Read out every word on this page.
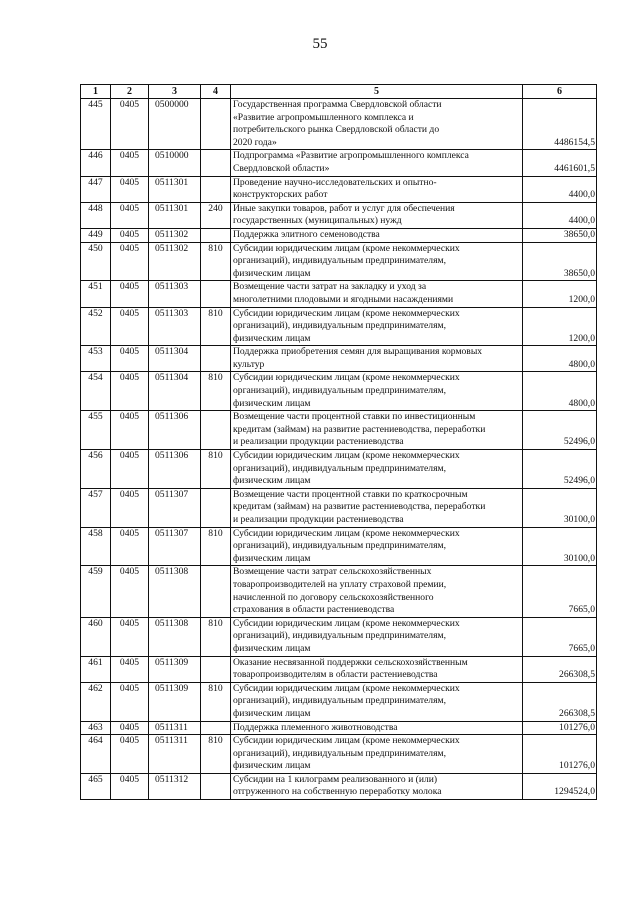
55
1	2	3	4	5	6
445	0405	0500000		Государственная программа Свердловской области
«Развитие агропромышленного комплекса и
потребительского рынка Свердловской области до
2020 года»	4486154,5
446	0405	0510000		Подпрограмма «Развитие агропромышленного комплекса
Свердловской области»	4461601,5
447	0405	0511301		Проведение научно-исследовательских и опытно-
конструкторских работ	4400,0
448	0405	0511301	240	Иные закупки товаров, работ и услуг для обеспечения
государственных (муниципальных) нужд	4400,0
449	0405	0511302		Поддержка элитного семеноводства	38650,0
450	0405	0511302	810	Субсидии юридическим лицам (кроме некоммерческих
организаций), индивидуальным предпринимателям,
физическим лицам	38650,0
451	0405	0511303		Возмещение части затрат на закладку и уход за
многолетними плодовыми и ягодными насаждениями	1200,0
452	0405	0511303	810	Субсидии юридическим лицам (кроме некоммерческих
организаций), индивидуальным предпринимателям,
физическим лицам	1200,0
453	0405	0511304		Поддержка приобретения семян для выращивания кормовых
культур	4800,0
454	0405	0511304	810	Субсидии юридическим лицам (кроме некоммерческих
организаций), индивидуальным предпринимателям,
физическим лицам	4800,0
455	0405	0511306		Возмещение части процентной ставки по инвестиционным
кредитам (займам) на развитие растениеводства, переработки
и реализации продукции растениеводства	52496,0
456	0405	0511306	810	Субсидии юридическим лицам (кроме некоммерческих
организаций), индивидуальным предпринимателям,
физическим лицам	52496,0
457	0405	0511307		Возмещение части процентной ставки по краткосрочным
кредитам (займам) на развитие растениеводства, переработки
и реализации продукции растениеводства	30100,0
458	0405	0511307	810	Субсидии юридическим лицам (кроме некоммерческих
организаций), индивидуальным предпринимателям,
физическим лицам	30100,0
459	0405	0511308		Возмещение части затрат сельскохозяйственных
товаропроизводителей на уплату страховой премии,
начисленной по договору сельскохозяйственного
страхования в области растениеводства	7665,0
460	0405	0511308	810	Субсидии юридическим лицам (кроме некоммерческих
организаций), индивидуальным предпринимателям,
физическим лицам	7665,0
461	0405	0511309		Оказание несвязанной поддержки сельскохозяйственным
товаропроизводителям в области растениеводства	266308,5
462	0405	0511309	810	Субсидии юридическим лицам (кроме некоммерческих
организаций), индивидуальным предпринимателям,
физическим лицам	266308,5
463	0405	0511311		Поддержка племенного животноводства	101276,0
464	0405	0511311	810	Субсидии юридическим лицам (кроме некоммерческих
организаций), индивидуальным предпринимателям,
физическим лицам	101276,0
465	0405	0511312		Субсидии на 1 килограмм реализованного и (или)
отгруженного на собственную переработку молока	1294524,0
